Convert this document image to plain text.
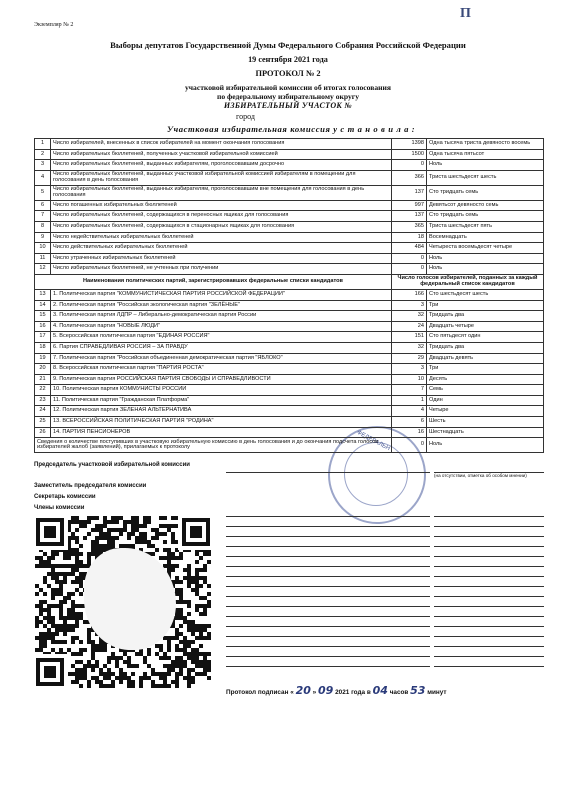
Экземпляр № 2
П
Выборы депутатов Государственной Думы Федерального Собрания Российской Федерации
19 сентября 2021 года
ПРОТОКОЛ № 2
участковой избирательной комиссии об итогах голосования
по федеральному избирательному округу
ИЗБИРАТЕЛЬНЫЙ УЧАСТОК №
город
Участковая избирательная комиссия у с т а н о в и л а :
ФЕДЕРАЛЬН
1	Число избирателей, внесенных в список избирателей на момент окончания голосования	1398	Одна тысяча триста девяносто восемь
2	Число избирательных бюллетеней, полученных участковой избирательной комиссией	1500	Одна тысяча пятьсот
3	Число избирательных бюллетеней, выданных избирателям, проголосовавшим досрочно	0	Ноль
4	Число избирательных бюллетеней, выданных участковой избирательной комиссией избирателям в помещении для голосования в день голосования	366	Триста шестьдесят шесть
5	Число избирательных бюллетеней, выданных избирателям, проголосовавшим вне помещения для голосования в день голосования	137	Сто тридцать семь
6	Число погашенных избирательных бюллетеней	997	Девятьсот девяносто семь
7	Число избирательных бюллетеней, содержащихся в переносных ящиках для голосования	137	Сто тридцать семь
8	Число избирательных бюллетеней, содержащихся в стационарных ящиках для голосования	365	Триста шестьдесят пять
9	Число недействительных избирательных бюллетеней	18	Восемнадцать
10	Число действительных избирательных бюллетеней	484	Четыреста восемьдесят четыре
11	Число утраченных избирательных бюллетеней	0	Ноль
12	Число избирательных бюллетеней, не учтенных при получении	0	Ноль
Наименования политических партий, зарегистрировавших федеральные списки кандидатов		Число голосов избирателей, поданных за каждый федеральный список кандидатов	
13	1. Политическая партия "КОММУНИСТИЧЕСКАЯ ПАРТИЯ РОССИЙСКОЙ ФЕДЕРАЦИИ"	166	Сто шестьдесят шесть
14	2. Политическая партия "Российская экологическая партия "ЗЕЛЁНЫЕ"	3	Три
15	3. Политическая партия ЛДПР – Либерально-демократическая партия России	32	Тридцать два
16	4. Политическая партия "НОВЫЕ ЛЮДИ"	24	Двадцать четыре
17	5. Всероссийская политическая партия "ЕДИНАЯ РОССИЯ"	151	Сто пятьдесят один
18	6. Партия СПРАВЕДЛИВАЯ РОССИЯ – ЗА ПРАВДУ	32	Тридцать два
19	7. Политическая партия "Российская объединенная демократическая партия "ЯБЛОКО"	29	Двадцать девять
20	8. Всероссийская политическая партия "ПАРТИЯ РОСТА"	3	Три
21	9. Политическая партия РОССИЙСКАЯ ПАРТИЯ СВОБОДЫ И СПРАВЕДЛИВОСТИ	10	Десять
22	10. Политическая партия КОММУНИСТЫ РОССИИ	7	Семь
23	11. Политическая партия "Гражданская Платформа"	1	Один
24	12. Политическая партия ЗЕЛЕНАЯ АЛЬТЕРНАТИВА	4	Четыре
25	13. ВСЕРОССИЙСКАЯ ПОЛИТИЧЕСКАЯ ПАРТИЯ "РОДИНА"	6	Шесть
26	14. ПАРТИЯ ПЕНСИОНЕРОВ	16	Шестнадцать
Сведения о количестве поступивших в участковую избирательную комиссию в день голосования и до окончания подсчета голосов избирателей жалоб (заявлений), прилагаемых к протоколу		0	Ноль
Председатель участковой избирательной комиссии
(на отсутствии, отметка об особом мнении)
Заместитель председателя комиссии
Секретарь комиссии
Члены комиссии
Протокол подписан « 20 » 09 2021 года в 04 часов 53 минут
